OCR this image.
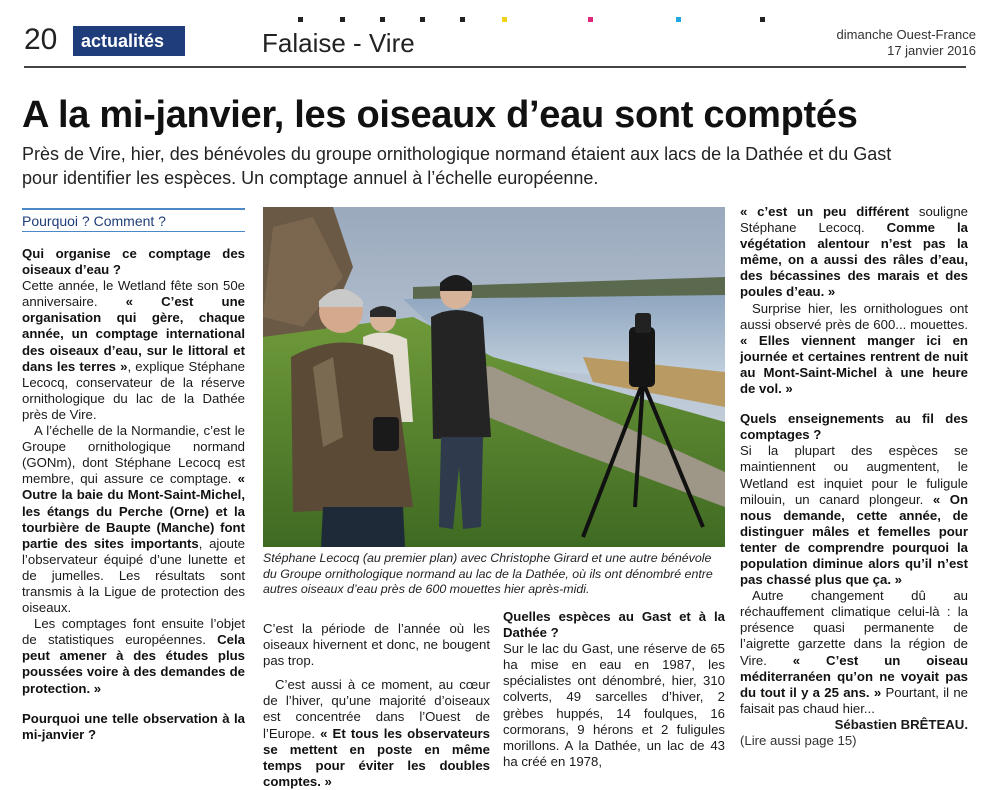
20	actualités	Falaise - Vire	dimanche Ouest-France
17 janvier 2016
A la mi-janvier, les oiseaux d’eau sont comptés

Près de Vire, hier, des bénévoles du groupe ornithologique normand étaient aux lacs de la Dathée et du Gast pour identifier les espèces. Un comptage annuel à l’échelle européenne.

Pourquoi ? Comment ?

Qui organise ce comptage des oiseaux d’eau ?

Cette année, le Wetland fête son 50e anniversaire. « C’est une organisation qui gère, chaque année, un comptage international des oiseaux d’eau, sur le littoral et dans les terres », explique Stéphane Lecocq, conservateur de la réserve ornithologique du lac de la Dathée près de Vire.

A l’échelle de la Normandie, c’est le Groupe ornithologique normand (GONm), dont Stéphane Lecocq est membre, qui assure ce comptage. « Outre la baie du Mont-Saint-Michel, les étangs du Perche (Orne) et la tourbière de Baupte (Manche) font partie des sites importants, ajoute l’observateur équipé d’une lunette et de jumelles. Les résultats sont transmis à la Ligue de protection des oiseaux.

Les comptages font ensuite l’objet de statistiques européennes. Cela peut amener à des études plus poussées voire à des demandes de protection. »

Pourquoi une telle observation à la mi-janvier ?

Stéphane Lecocq (au premier plan) avec Christophe Girard et une autre bénévole du Groupe ornithologique normand au lac de la Dathée, où ils ont dénombré entre autres oiseaux d’eau près de 600 mouettes hier après-midi.

C’est la période de l’année où les oiseaux hivernent et donc, ne bougent pas trop.

C’est aussi à ce moment, au cœur de l’hiver, qu’une majorité d’oiseaux est concentrée dans l’Ouest de l’Europe. « Et tous les observateurs se mettent en poste en même temps pour éviter les doubles comptes. »

Quelles espèces au Gast et à la Dathée ?

Sur le lac du Gast, une réserve de 65 ha mise en eau en 1987, les spécialistes ont dénombré, hier, 310 colverts, 49 sarcelles d’hiver, 2 grèbes huppés, 14 foulques, 16 cormorans, 9 hérons et 2 fuligules morillons. A la Dathée, un lac de 43 ha créé en 1978,

« c’est un peu différent souligne Stéphane Lecocq. Comme la végétation alentour n’est pas la même, on a aussi des râles d’eau, des bécassines des marais et des poules d’eau. »

Surprise hier, les ornithologues ont aussi observé près de 600... mouettes. « Elles viennent manger ici en journée et certaines rentrent de nuit au Mont-Saint-Michel à une heure de vol. »

Quels enseignements au fil des comptages ?

Si la plupart des espèces se maintiennent ou augmentent, le Wetland est inquiet pour le fuligule milouin, un canard plongeur. « On nous demande, cette année, de distinguer mâles et femelles pour tenter de comprendre pourquoi la population diminue alors qu’il n’est pas chassé plus que ça. »

Autre changement dû au réchauffement climatique celui-là : la présence quasi permanente de l’aigrette garzette dans la région de Vire. « C’est un oiseau méditerranéen qu’on ne voyait pas du tout il y a 25 ans. » Pourtant, il ne faisait pas chaud hier...

Sébastien BRÊTEAU.

(Lire aussi page 15)
